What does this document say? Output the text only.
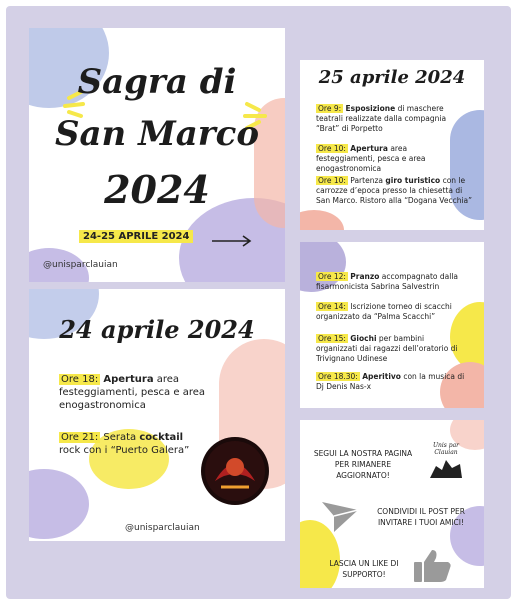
Sagra di
San Marco
2024
24-25 APRILE 2024
@unisparclauian
25 aprile 2024
Ore 9: Esposizione di maschere teatrali realizzate dalla compagnia “Brat” di Porpetto
Ore 10: Apertura area festeggiamenti, pesca e area enogastronomica
Ore 10: Partenza giro turistico con le carrozze d’epoca presso la chiesetta di San Marco. Ristoro alla “Dogana Vecchia”
Ore 12: Pranzo accompagnato dalla fisarmonicista Sabrina Salvestrin
Ore 14: Iscrizione torneo di scacchi organizzato da “Palma Scacchi”
Ore 15: Giochi per bambini organizzati dai ragazzi dell’oratorio di Trivignano Udinese
Ore 18.30: Aperitivo con la musica di Dj Denis Nas-x
24 aprile 2024
Ore 18: Apertura area festeggiamenti, pesca e area enogastronomica
Ore 21: Serata cocktail rock con i “Puerto Galera”
@unisparclauian
SEGUI LA NOSTRA PAGINA PER RIMANERE AGGIORNATO!
Unis par Clauian
CONDIVIDI IL POST PER INVITARE I TUOI AMICI!
LASCIA UN LIKE DI SUPPORTO!
